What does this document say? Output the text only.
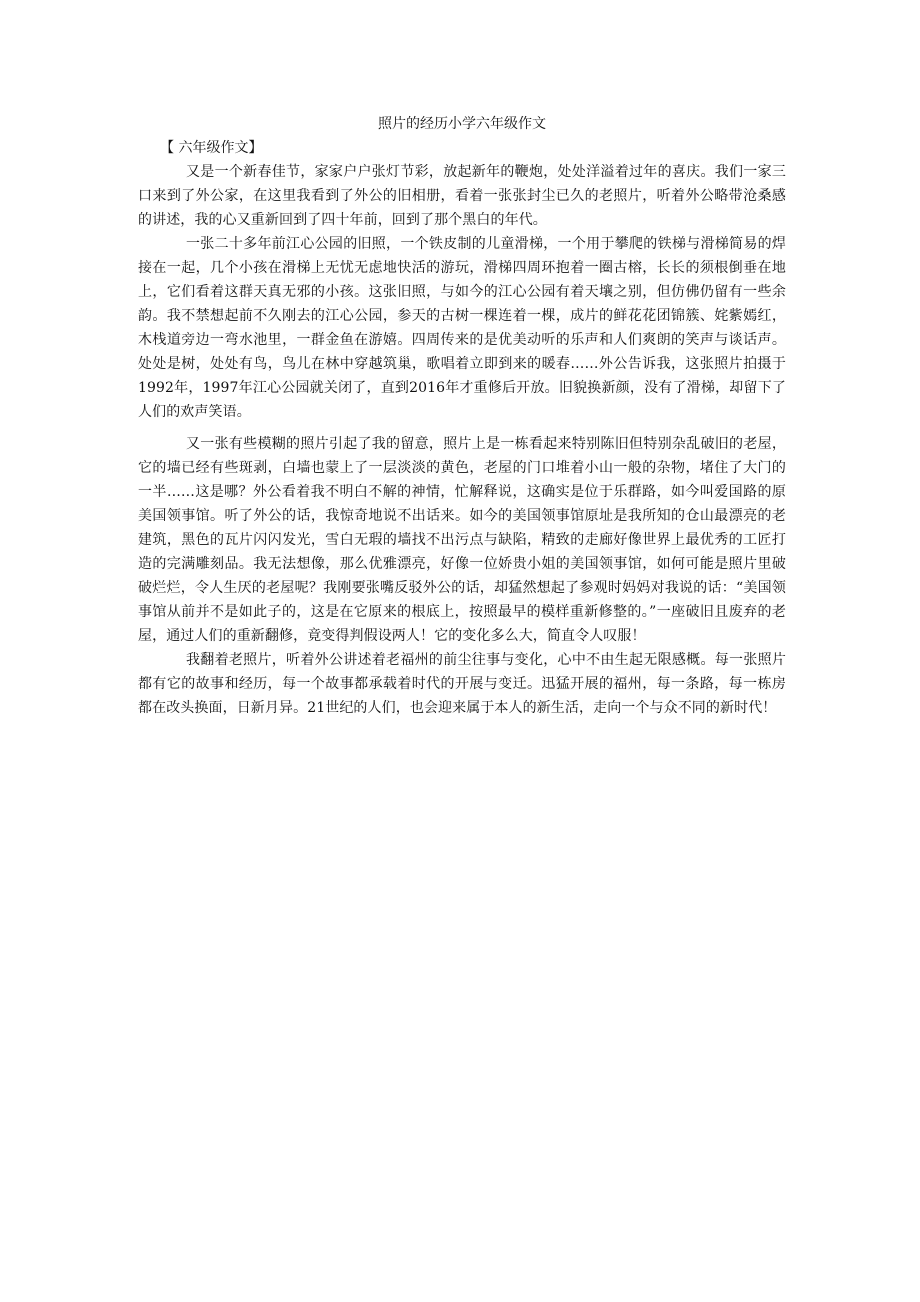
照片的经历小学六年级作文

【 六年级作文】

又是一个新春佳节，家家户户张灯节彩，放起新年的鞭炮，处处洋溢着过年的喜庆。我们一家三口来到了外公家，在这里我看到了外公的旧相册，看着一张张封尘已久的老照片，听着外公略带沧桑感的讲述，我的心又重新回到了四十年前，回到了那个黑白的年代。

一张二十多年前江心公园的旧照，一个铁皮制的儿童滑梯，一个用于攀爬的铁梯与滑梯简易的焊接在一起，几个小孩在滑梯上无忧无虑地快活的游玩，滑梯四周环抱着一圈古榕，长长的须根倒垂在地上，它们看着这群天真无邪的小孩。这张旧照，与如今的江心公园有着天壤之别，但仿佛仍留有一些余韵。我不禁想起前不久刚去的江心公园，参天的古树一棵连着一棵，成片的鲜花花团锦簇、姹紫嫣红，木栈道旁边一弯水池里，一群金鱼在游嬉。四周传来的是优美动听的乐声和人们爽朗的笑声与谈话声。处处是树，处处有鸟，鸟儿在林中穿越筑巢，歌唱着立即到来的暖春……外公告诉我，这张照片拍摄于1992年，1997年江心公园就关闭了，直到2016年才重修后开放。旧貌换新颜，没有了滑梯，却留下了人们的欢声笑语。

又一张有些模糊的照片引起了我的留意，照片上是一栋看起来特别陈旧但特别杂乱破旧的老屋，它的墙已经有些斑剥，白墙也蒙上了一层淡淡的黄色，老屋的门口堆着小山一般的杂物，堵住了大门的一半……这是哪？外公看着我不明白不解的神情，忙解释说，这确实是位于乐群路，如今叫爱国路的原美国领事馆。听了外公的话，我惊奇地说不出话来。如今的美国领事馆原址是我所知的仓山最漂亮的老建筑，黑色的瓦片闪闪发光，雪白无瑕的墙找不出污点与缺陷，精致的走廊好像世界上最优秀的工匠打造的完满雕刻品。我无法想像，那么优雅漂亮，好像一位娇贵小姐的美国领事馆，如何可能是照片里破破烂烂，令人生厌的老屋呢？我刚要张嘴反驳外公的话，却猛然想起了参观时妈妈对我说的话：“美国领事馆从前并不是如此子的，这是在它原来的根底上，按照最早的模样重新修整的。”一座破旧且废弃的老屋，通过人们的重新翻修，竟变得判假设两人！它的变化多么大，简直令人叹服！

我翻着老照片，听着外公讲述着老福州的前尘往事与变化，心中不由生起无限感概。每一张照片都有它的故事和经历，每一个故事都承载着时代的开展与变迁。迅猛开展的福州，每一条路，每一栋房都在改头换面，日新月异。21世纪的人们，也会迎来属于本人的新生活，走向一个与众不同的新时代！
